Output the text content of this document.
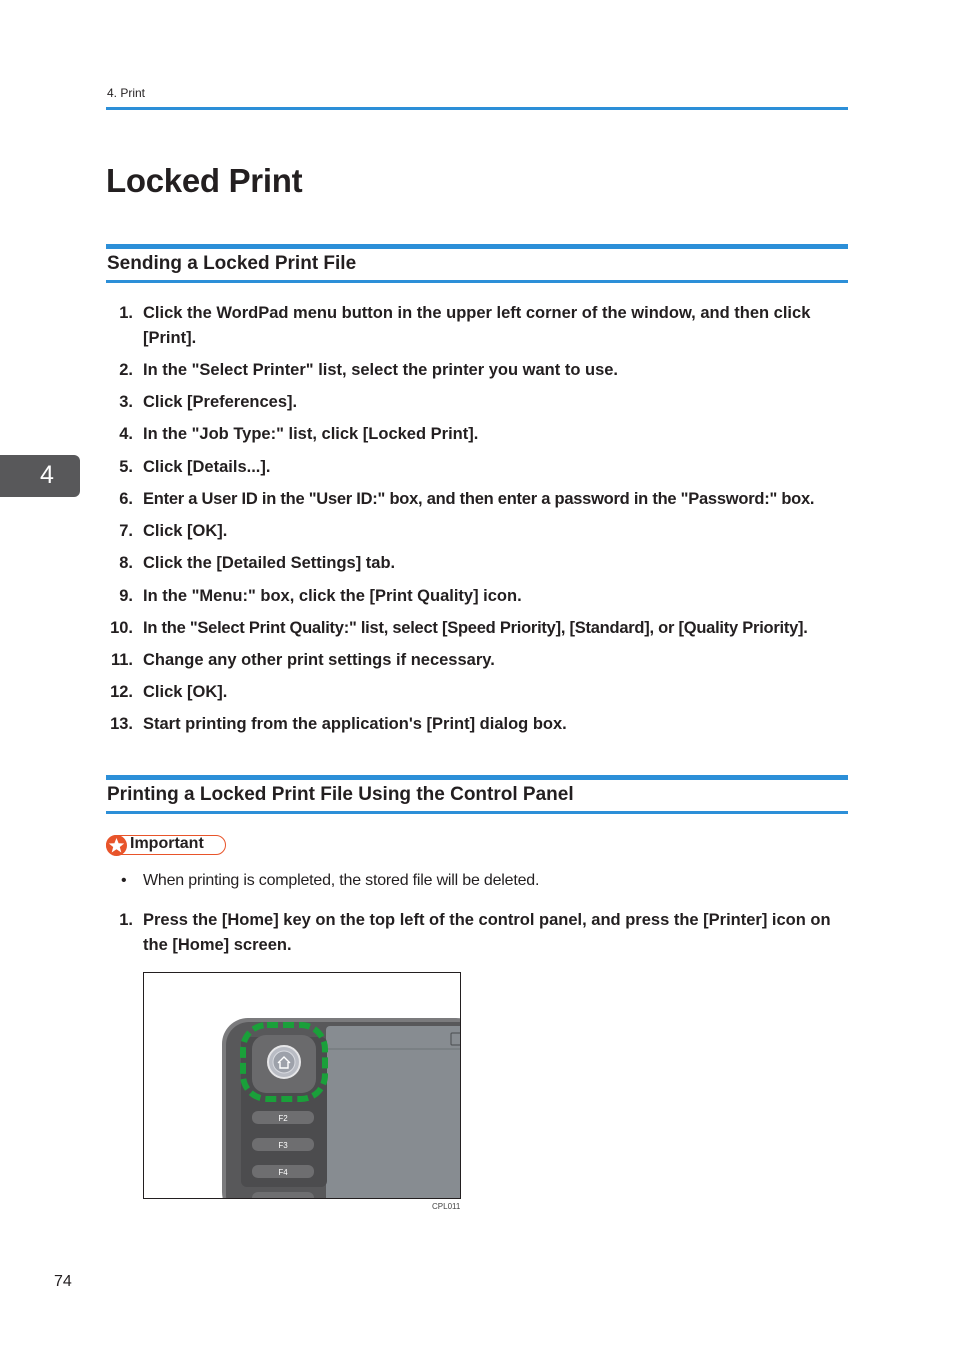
4. Print
4
Locked Print
Sending a Locked Print File
1. Click the WordPad menu button in the upper left corner of the window, and then click [Print].
2. In the "Select Printer" list, select the printer you want to use.
3. Click [Preferences].
4. In the "Job Type:" list, click [Locked Print].
5. Click [Details...].
6. Enter a User ID in the "User ID:" box, and then enter a password in the "Password:" box.
7. Click [OK].
8. Click the [Detailed Settings] tab.
9. In the "Menu:" box, click the [Print Quality] icon.
10. In the "Select Print Quality:" list, select [Speed Priority], [Standard], or [Quality Priority].
11. Change any other print settings if necessary.
12. Click [OK].
13. Start printing from the application's [Print] dialog box.
Printing a Locked Print File Using the Control Panel
Important
• When printing is completed, the stored file will be deleted.
1. Press the [Home] key on the top left of the control panel, and press the [Printer] icon on the [Home] screen.
F2
F3
F4
CPL011
74
